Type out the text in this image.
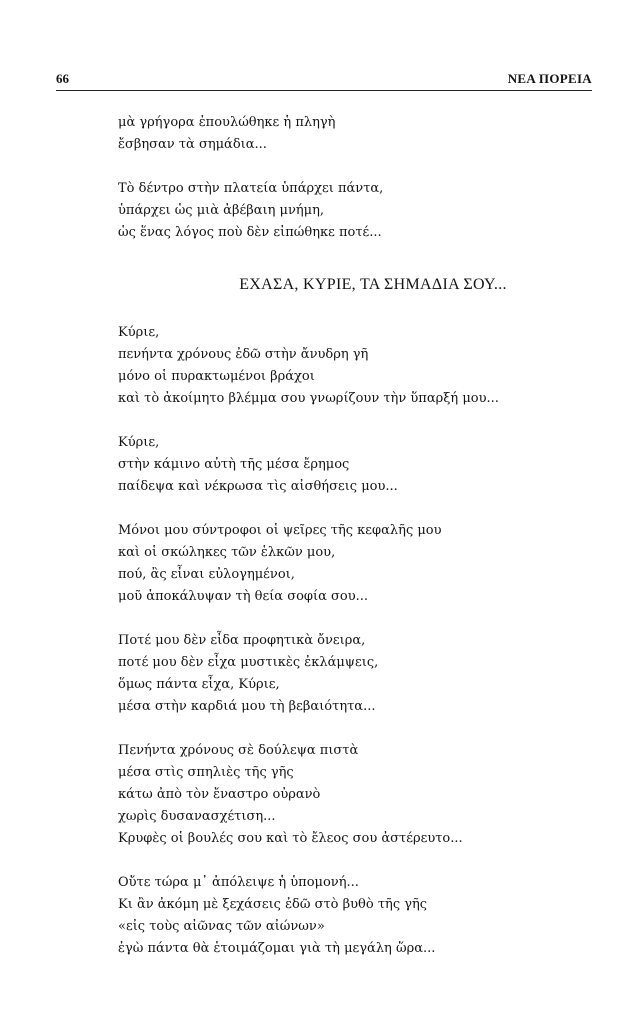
66	ΝΕΑ ΠΟΡΕΙΑ
μὰ γρήγορα ἐπουλώθηκε ἡ πληγὴ
ἔσβησαν τὰ σημάδια...
Τὸ δέντρο στὴν πλατεία ὑπάρχει πάντα,
ὑπάρχει ὡς μιὰ ἀβέβαιη μνήμη,
ὡς ἕνας λόγος ποὺ δὲν εἰπώθηκε ποτέ...
ΕΧΑΣΑ, ΚΥΡΙΕ, ΤΑ ΣΗΜΑΔΙΑ ΣΟΥ...
Κύριε,
πενήντα χρόνους ἐδῶ στὴν ἄνυδρη γῆ
μόνο οἱ πυρακτωμένοι βράχοι
καὶ τὸ ἀκοίμητο βλέμμα σου γνωρίζουν τὴν ὕπαρξή μου...
Κύριε,
στὴν κάμινο αὐτὴ τῆς μέσα ἔρημος
παίδεψα καὶ νέκρωσα τὶς αἰσθήσεις μου...
Μόνοι μου σύντροφοι οἱ ψεῖρες τῆς κεφαλῆς μου
καὶ οἱ σκώληκες τῶν ἑλκῶν μου,
πού, ἂς εἶναι εὐλογημένοι,
μοῦ ἀποκάλυψαν τὴ θεία σοφία σου...
Ποτέ μου δὲν εἶδα προφητικὰ ὄνειρα,
ποτέ μου δὲν εἶχα μυστικὲς ἐκλάμψεις,
ὅμως πάντα εἶχα, Κύριε,
μέσα στὴν καρδιά μου τὴ βεβαιότητα...
Πενήντα χρόνους σὲ δούλεψα πιστὰ
μέσα στὶς σπηλιὲς τῆς γῆς
κάτω ἀπὸ τὸν ἔναστρο οὐρανὸ
χωρὶς δυσανασχέτιση...
Κρυφὲς οἱ βουλές σου καὶ τὸ ἔλεος σου ἀστέρευτο...
Οὔτε τώρα μ᾿ ἀπόλειψε ἡ ὑπομονή...
Κι ἂν ἀκόμη μὲ ξεχάσεις ἐδῶ στὸ βυθὸ τῆς γῆς
«εἰς τοὺς αἰῶνας τῶν αἰώνων»
ἐγὼ πάντα θὰ ἑτοιμάζομαι γιὰ τὴ μεγάλη ὥρα...
